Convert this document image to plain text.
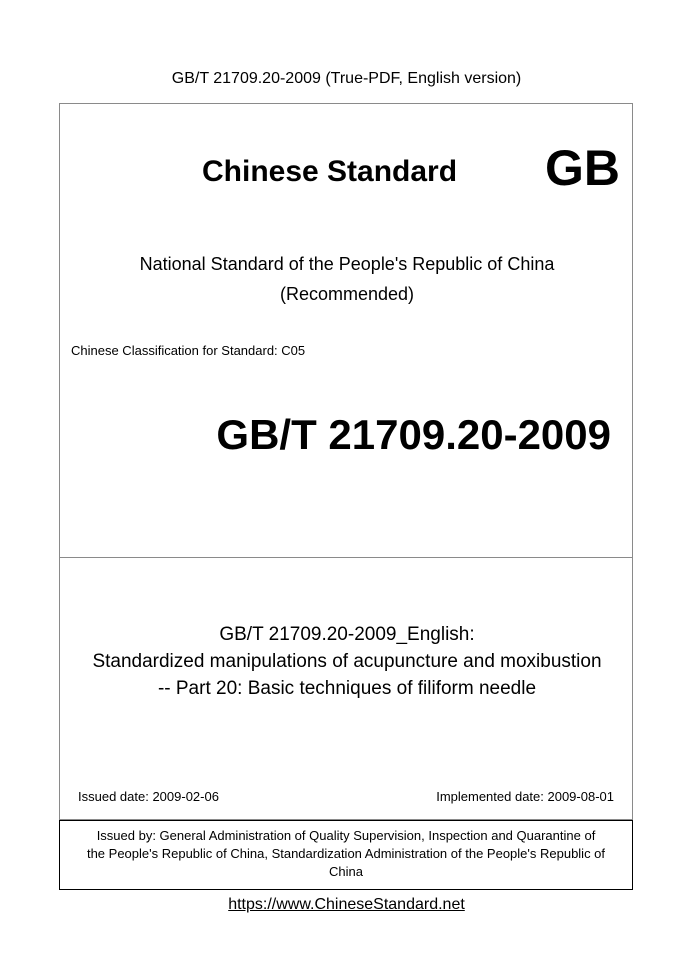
GB/T 21709.20-2009 (True-PDF, English version)
Chinese Standard GB
National Standard of the People's Republic of China
(Recommended)
Chinese Classification for Standard: C05
GB/T 21709.20-2009
GB/T 21709.20-2009_English:
Standardized manipulations of acupuncture and moxibustion
-- Part 20: Basic techniques of filiform needle
Issued date: 2009-02-06	Implemented date: 2009-08-01
Issued by: General Administration of Quality Supervision, Inspection and Quarantine of
the People's Republic of China, Standardization Administration of the People's Republic of
China
https://www.ChineseStandard.net
